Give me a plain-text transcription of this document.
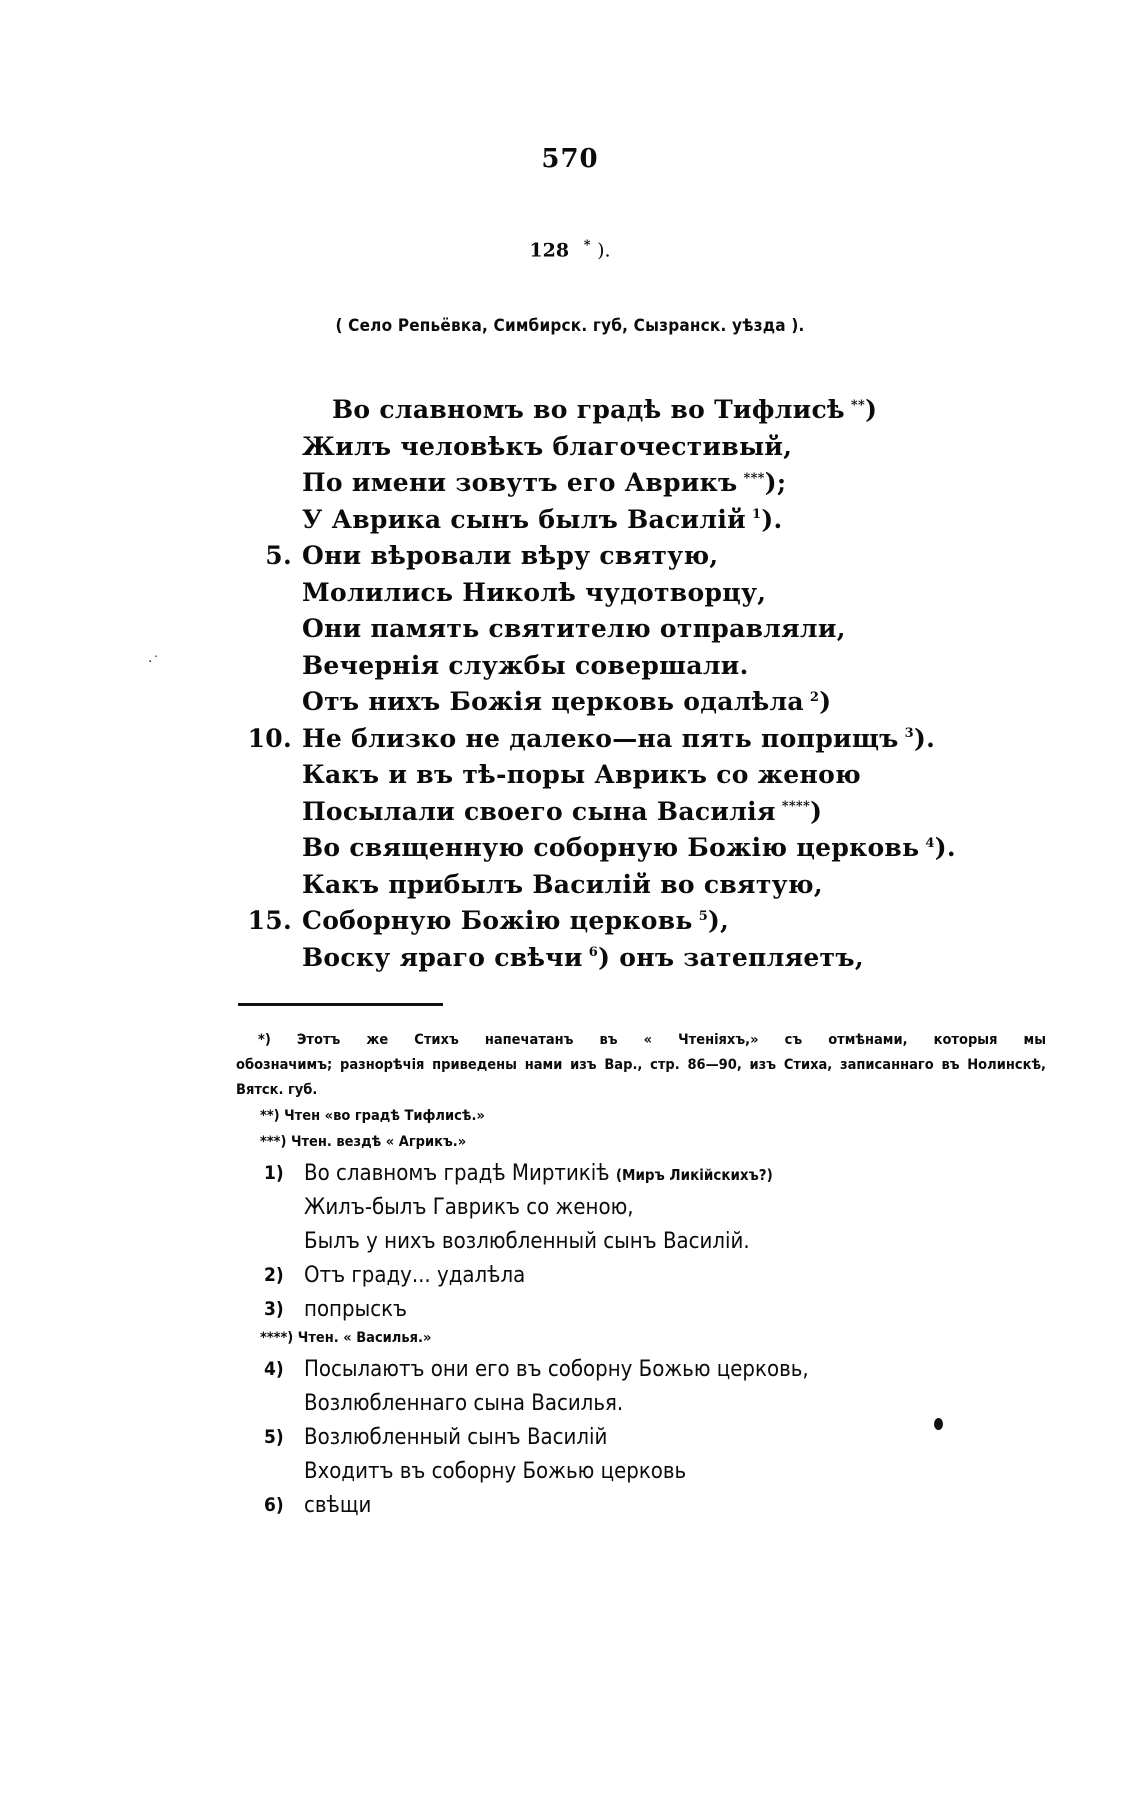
570
128 * ).
( Село Репьёвка, Симбирск. губ, Сызранск. уѣзда ).
Во славномъ во градѣ во Тифлисѣ **)
Жилъ человѣкъ благочестивый,
По имени зовутъ его Аврикъ ***);
У Аврика сынъ былъ Василій $^1$).
5. Они вѣровали вѣру святую,
Молились Николѣ чудотворцу,
Они память святителю отправляли,
Вечернія службы совершали.
Отъ нихъ Божія церковь одалѣла $^2$)
10. Не близко не далеко—на пять поприщъ $^3$).
Какъ и въ тѣ-поры Аврикъ со женою
Посылали своего сына Василія ****)
Во священную соборную Божію церковь $^4$).
Какъ прибылъ Василій во святую,
15. Соборную Божію церковь $^5$),
Воску ярагo свѣчи $^6$) онъ затепляетъ,
*) Этотъ же Стихъ напечатанъ въ « Чтеніяхъ,» съ отмѣнами, которыя мы
обозначимъ; разнорѣчія приведены нами изъ Вар., стр. 86—90, изъ Стиха, записаннаго въ Нолинскѣ, Вятск. губ.
**) Чтен «во градѣ Тифлисѣ.»
***) Чтен. вездѣ « Агрикъ.»
1) Во славномъ градѣ Миртикіѣ (Миръ Ликійскихъ?)
Жилъ-былъ Гаврикъ со женою,
Былъ у нихъ возлюбленный сынъ Василій.
2) Отъ граду... удалѣла
3) попрыскъ
****) Чтен. « Василья.»
4) Посылаютъ они его въ соборну Божью церковь,
Возлюбленнаго сына Василья.
5) Возлюбленный сынъ Василій
Входитъ въ соборну Божью церковь
6) свѣщи
·˙
